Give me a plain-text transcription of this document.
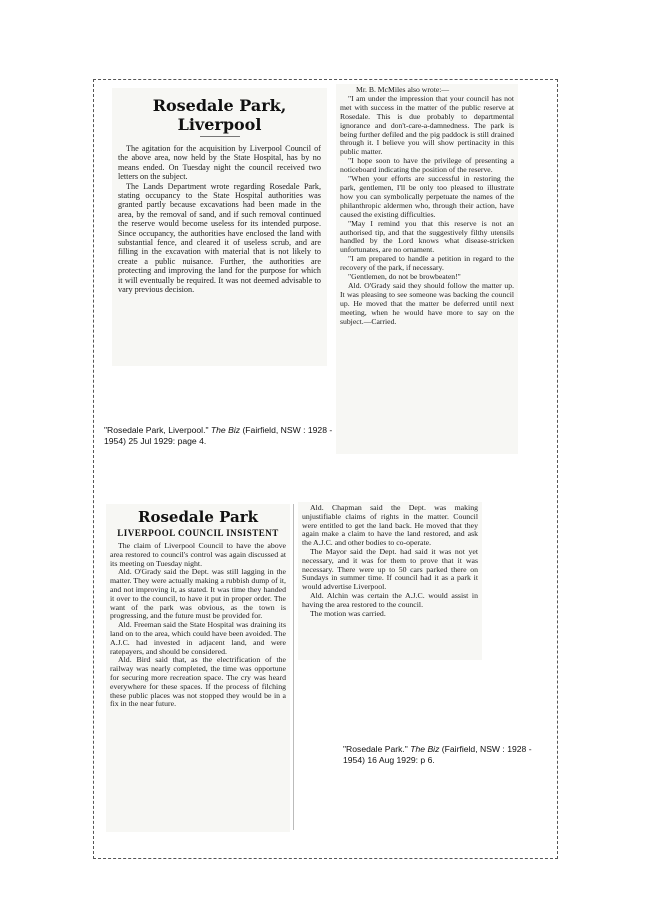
Rosedale Park, Liverpool

The agitation for the acquisition by Liverpool Council of the above area, now held by the State Hospital, has by no means ended. On Tuesday night the council received two letters on the subject.

The Lands Department wrote regarding Rosedale Park, stating occupancy to the State Hospital authorities was granted partly because excavations had been made in the area, by the removal of sand, and if such removal continued the reserve would become useless for its intended purpose. Since occupancy, the authorities have enclosed the land with substantial fence, and cleared it of useless scrub, and are filling in the excavation with material that is not likely to create a public nuisance. Further, the authorities are protecting and improving the land for the purpose for which it will eventually be required. It was not deemed advisable to vary previous decision.

Mr. B. McMiles also wrote:—

"I am under the impression that your council has not met with success in the matter of the public reserve at Rosedale. This is due probably to departmental ignorance and don't-care-a-damnedness. The park is being further defiled and the pig paddock is still drained through it. I believe you will show pertinacity in this public matter.

"I hope soon to have the privilege of presenting a noticeboard indicating the position of the reserve.

"When your efforts are successful in restoring the park, gentlemen, I'll be only too pleased to illustrate how you can symbolically perpetuate the names of the philanthropic aldermen who, through their action, have caused the existing difficulties.

"May I remind you that this reserve is not an authorised tip, and that the suggestively filthy utensils handled by the Lord knows what disease-stricken unfortunates, are no ornament.

"I am prepared to handle a petition in regard to the recovery of the park, if necessary.

"Gentlemen, do not be browbeaten!"

Ald. O'Grady said they should follow the matter up. It was pleasing to see someone was backing the council up. He moved that the matter be deferred until next meeting, when he would have more to say on the subject.—Carried.

"Rosedale Park, Liverpool." The Biz (Fairfield, NSW : 1928 - 1954) 25 Jul 1929: page 4.
Rosedale Park
LIVERPOOL COUNCIL INSISTENT

The claim of Liverpool Council to have the above area restored to council's control was again discussed at its meeting on Tuesday night.

Ald. O'Grady said the Dept. was still lagging in the matter. They were actually making a rubbish dump of it, and not improving it, as stated. It was time they handed it over to the council, to have it put in proper order. The want of the park was obvious, as the town is progressing, and the future must be provided for.

Ald. Freeman said the State Hospital was draining its land on to the area, which could have been avoided. The A.J.C. had invested in adjacent land, and were ratepayers, and should be considered.

Ald. Bird said that, as the electrification of the railway was nearly completed, the time was opportune for securing more recreation space. The cry was heard everywhere for these spaces. If the process of filching these public places was not stopped they would be in a fix in the near future.

Ald. Chapman said the Dept. was making unjustifiable claims of rights in the matter. Council were entitled to get the land back. He moved that they again make a claim to have the land restored, and ask the A.J.C. and other bodies to co-operate.

The Mayor said the Dept. had said it was not yet necessary, and it was for them to prove that it was necessary. There were up to 50 cars parked there on Sundays in summer time. If council had it as a park it would advertise Liverpool.

Ald. Alchin was certain the A.J.C. would assist in having the area restored to the council.

The motion was carried.

"Rosedale Park." The Biz (Fairfield, NSW : 1928 - 1954) 16 Aug 1929: p 6.
